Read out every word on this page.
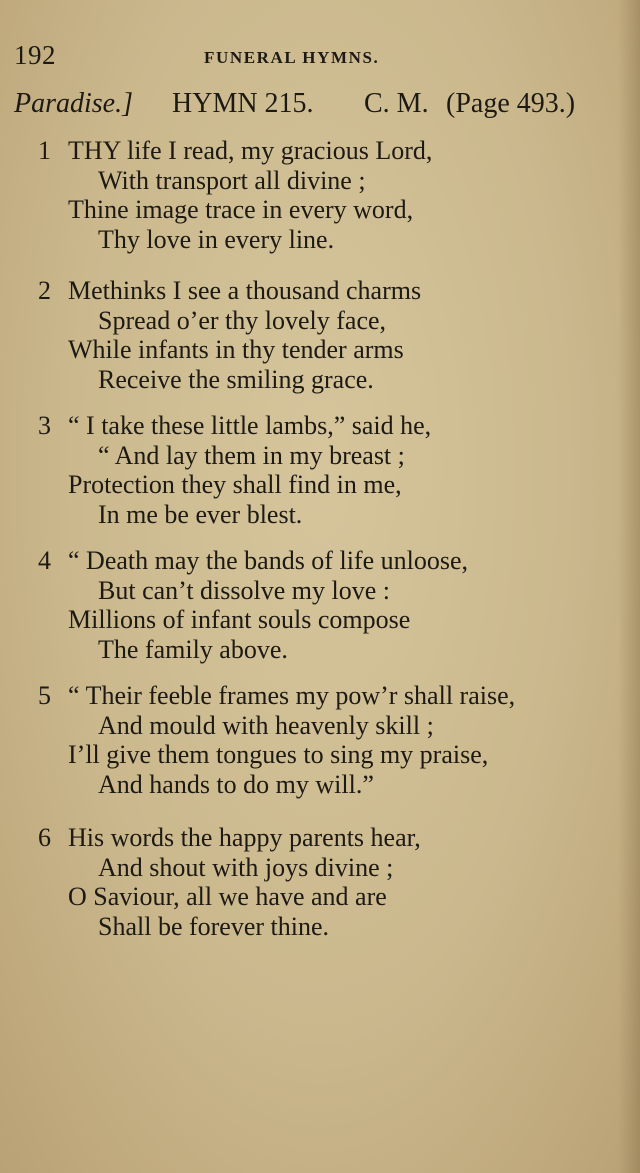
192	FUNERAL HYMNS.
Paradise.] HYMN 215. C. M. (Page 493.)
1 THY life I read, my gracious Lord,
With transport all divine ;
Thine image trace in every word,
Thy love in every line.
2 Methinks I see a thousand charms
Spread o’er thy lovely face,
While infants in thy tender arms
Receive the smiling grace.
3 “ I take these little lambs,” said he,
“ And lay them in my breast ;
Protection they shall find in me,
In me be ever blest.
4 “ Death may the bands of life unloose,
But can’t dissolve my love :
Millions of infant souls compose
The family above.
5 “ Their feeble frames my pow’r shall raise,
And mould with heavenly skill ;
I’ll give them tongues to sing my praise,
And hands to do my will.”
6 His words the happy parents hear,
And shout with joys divine ;
O Saviour, all we have and are
Shall be forever thine.
